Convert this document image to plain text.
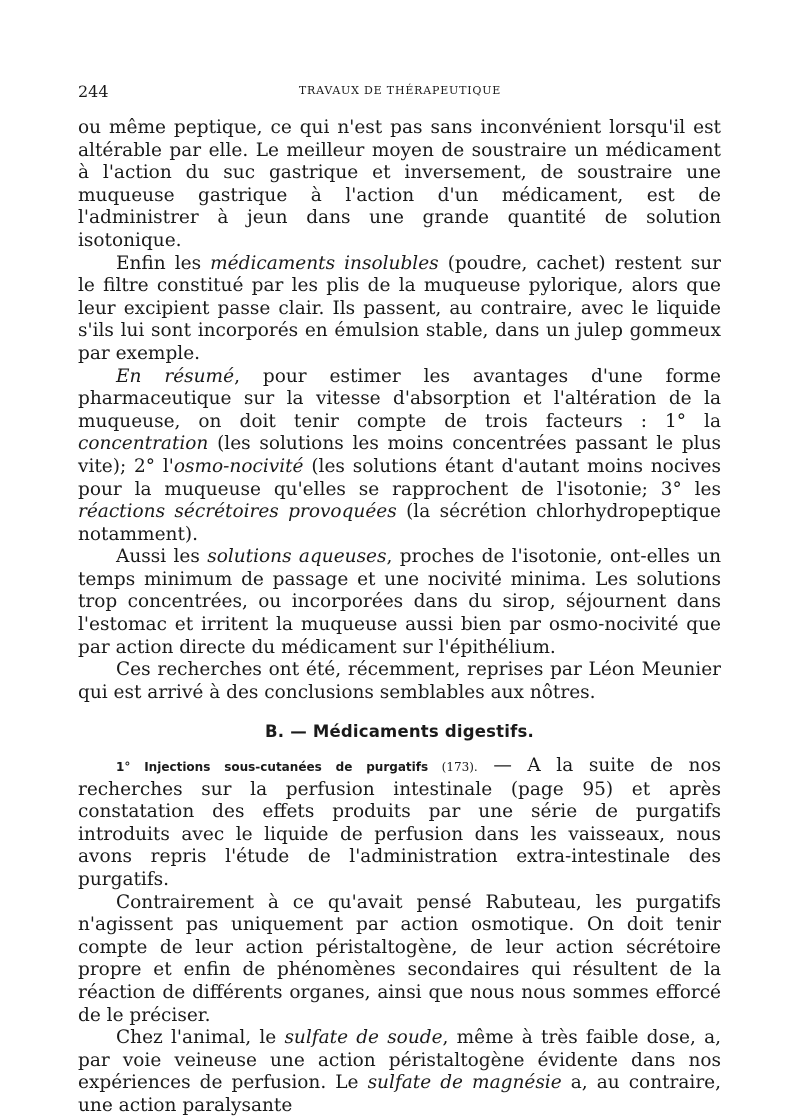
244	TRAVAUX DE THÉRAPEUTIQUE

ou même peptique, ce qui n'est pas sans inconvénient lorsqu'il est altérable par elle. Le meilleur moyen de soustraire un médicament à l'action du suc gastrique et inversement, de soustraire une muqueuse gastrique à l'action d'un médicament, est de l'administrer à jeun dans une grande quantité de solution isotonique.

Enfin les médicaments insolubles (poudre, cachet) restent sur le filtre constitué par les plis de la muqueuse pylorique, alors que leur excipient passe clair. Ils passent, au contraire, avec le liquide s'ils lui sont incorporés en émulsion stable, dans un julep gommeux par exemple.

En résumé, pour estimer les avantages d'une forme pharmaceutique sur la vitesse d'absorption et l'altération de la muqueuse, on doit tenir compte de trois facteurs : 1° la concentration (les solutions les moins concentrées passant le plus vite); 2° l'osmo-nocivité (les solutions étant d'autant moins nocives pour la muqueuse qu'elles se rapprochent de l'isotonie; 3° les réactions sécrétoires provoquées (la sécrétion chlorhydropeptique notamment).

Aussi les solutions aqueuses, proches de l'isotonie, ont-elles un temps minimum de passage et une nocivité minima. Les solutions trop concentrées, ou incorporées dans du sirop, séjournent dans l'estomac et irritent la muqueuse aussi bien par osmo-nocivité que par action directe du médicament sur l'épithélium.

Ces recherches ont été, récemment, reprises par Léon Meunier qui est arrivé à des conclusions semblables aux nôtres.

B. — Médicaments digestifs.

1° Injections sous-cutanées de purgatifs (173). — A la suite de nos recherches sur la perfusion intestinale (page 95) et après constatation des effets produits par une série de purgatifs introduits avec le liquide de perfusion dans les vaisseaux, nous avons repris l'étude de l'administration extra-intestinale des purgatifs.

Contrairement à ce qu'avait pensé Rabuteau, les purgatifs n'agissent pas uniquement par action osmotique. On doit tenir compte de leur action péristaltogène, de leur action sécrétoire propre et enfin de phénomènes secondaires qui résultent de la réaction de différents organes, ainsi que nous nous sommes efforcé de le préciser.

Chez l'animal, le sulfate de soude, même à très faible dose, a, par voie veineuse une action péristaltogène évidente dans nos expériences de perfusion. Le sulfate de magnésie a, au contraire, une action paralysante
